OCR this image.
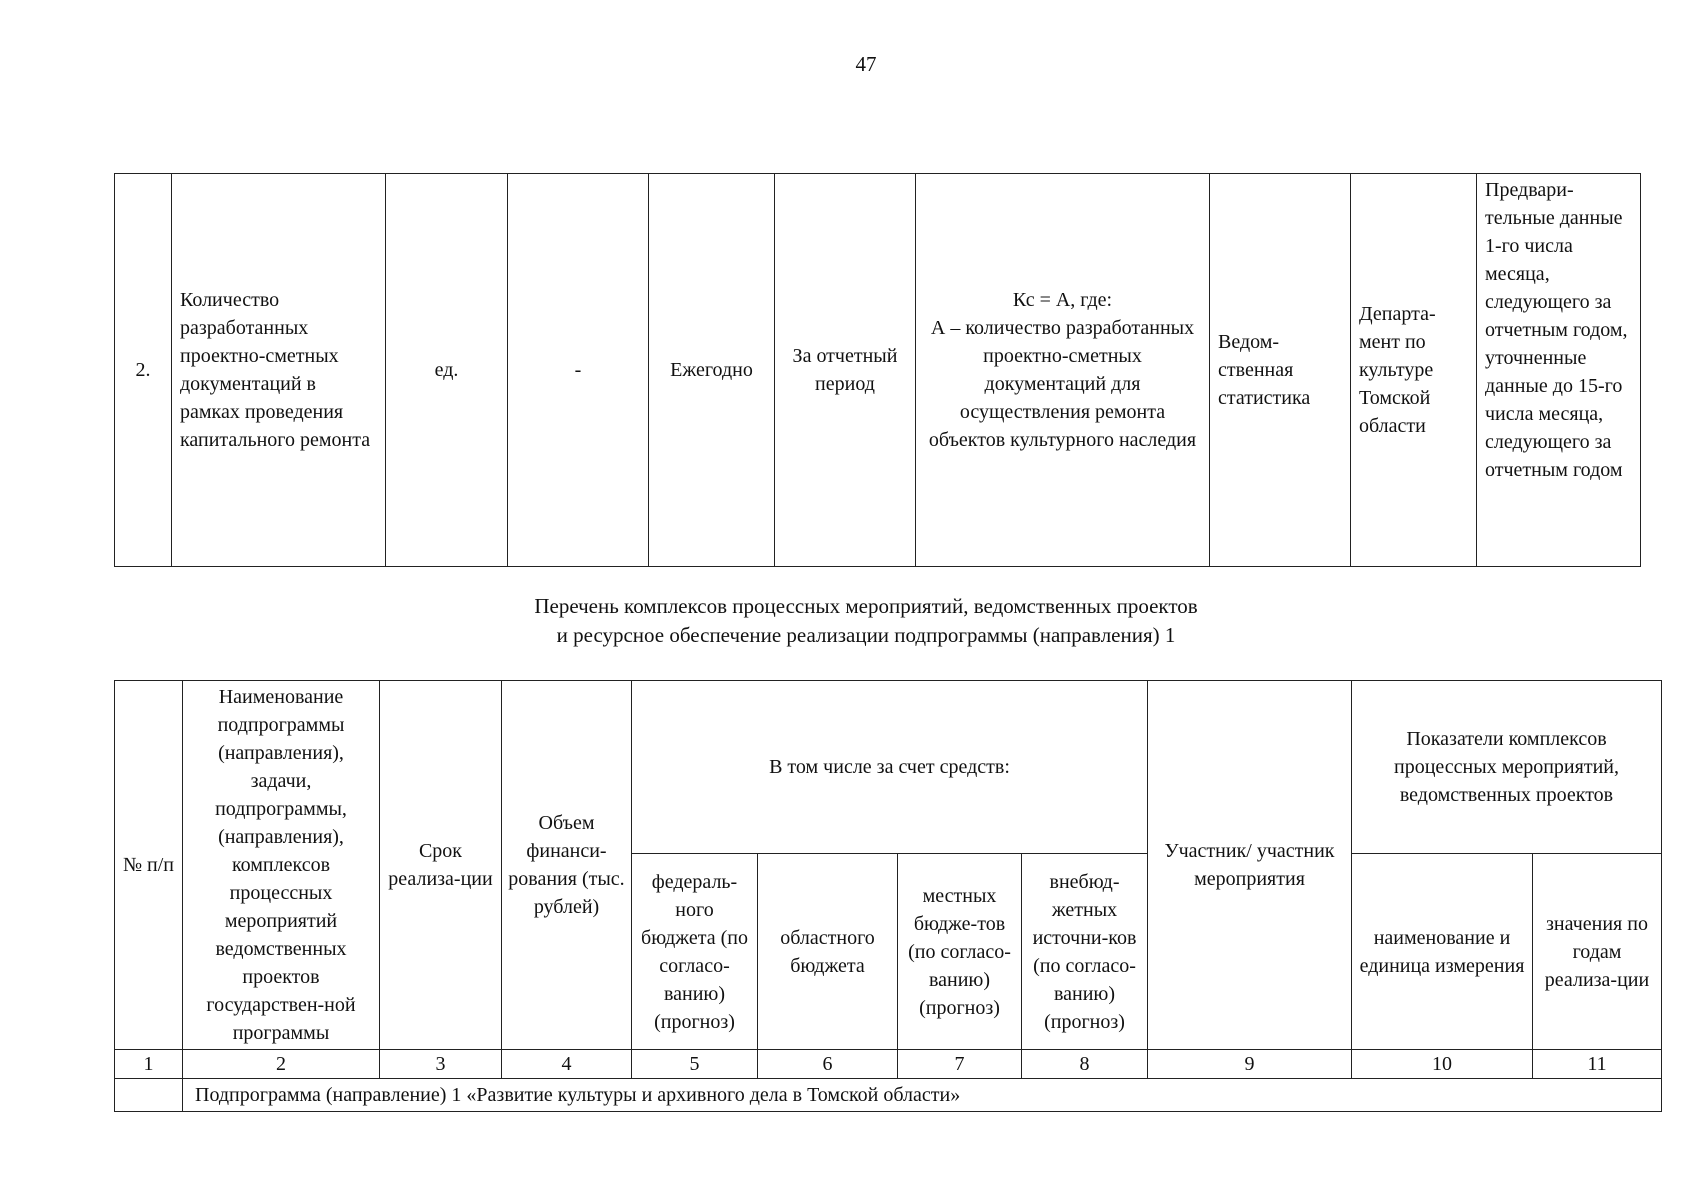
47
2.	Количество разработанных проектно-сметных документаций в рамках проведения капитального ремонта	ед.	-	Ежегодно	За отчетный период	Кс = А, где:
А – количество разработанных проектно-сметных документаций для осуществления ремонта объектов культурного наследия	Ведом-ственная статистика	Департа-мент по культуре Томской области	Предвари-тельные данные 1-го числа месяца, следующего за отчетным годом, уточненные данные до 15-го числа месяца, следующего за отчетным годом
Перечень комплексов процессных мероприятий, ведомственных проектов
и ресурсное обеспечение реализации подпрограммы (направления) 1
№ п/п	Наименование подпрограммы (направления), задачи, подпрограммы, (направления), комплексов процессных мероприятий ведомственных проектов государствен-ной программы	Срок реализа-ции	Объем финанси-рования (тыс. рублей)	В том числе за счет средств:				Участник/ участник мероприятия	Показатели комплексов процессных мероприятий, ведомственных проектов	
				федераль-ного бюджета (по согласо-ванию) (прогноз)	областного бюджета	местных бюдже-тов (по согласо-ванию) (прогноз)	внебюд-жетных источни-ков (по согласо-ванию) (прогноз)		наименование и единица измерения	значения по годам реализа-ции
1	2	3	4	5	6	7	8	9	10	11
	Подпрограмма (направление) 1 «Развитие культуры и архивного дела в Томской области»									
